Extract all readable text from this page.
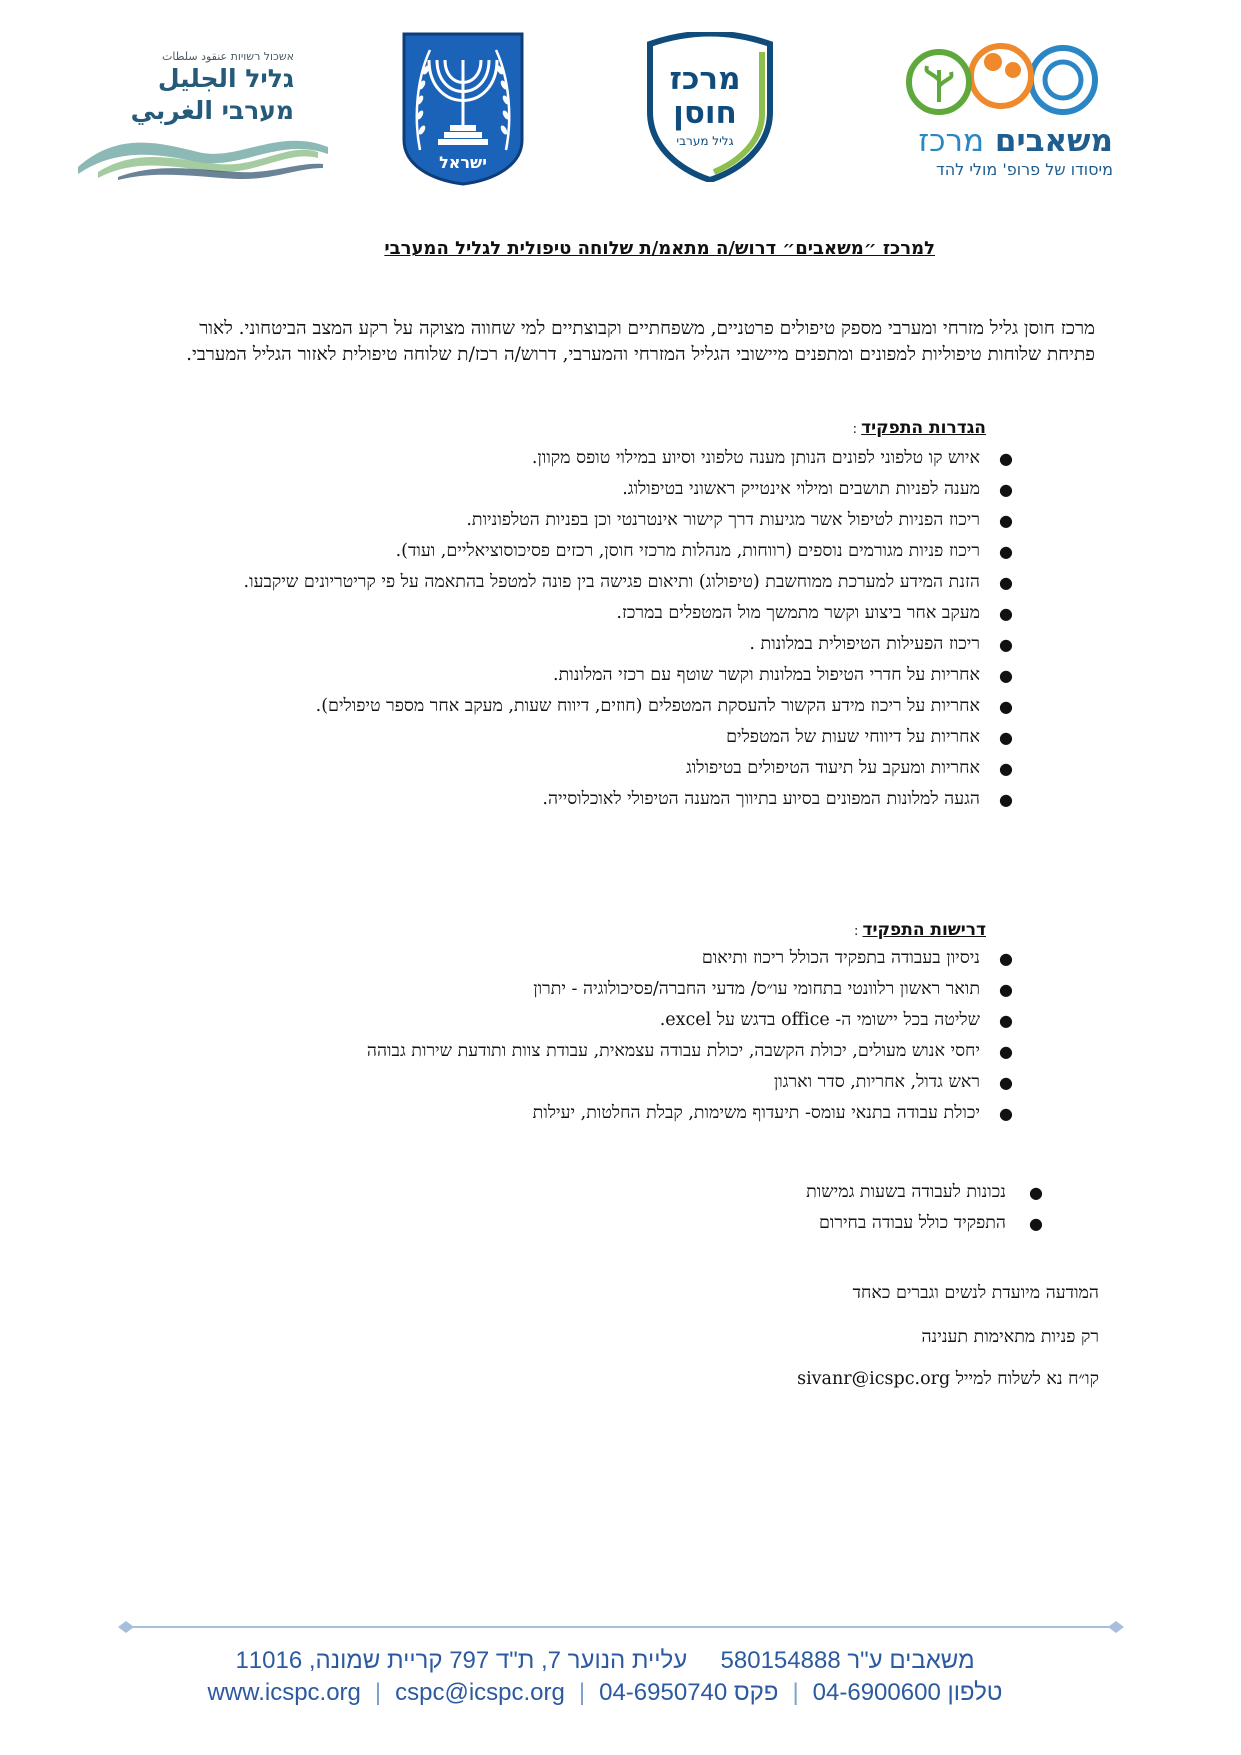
אשכול רשויות عنقود سلطات
גליל الجليل
מערבי الغربي
ישראל
מרכז
חוסן
גליל מערבי	משאבים מרכז
מיסודו של פרופ' מולי להד
למרכז ״משאבים״ דרוש/ה מתאמ/ת שלוחה טיפולית לגליל המערבי
מרכז חוסן גליל מזרחי ומערבי מספק טיפולים פרטניים, משפחתיים וקבוצתיים למי שחווה מצוקה על רקע המצב הביטחוני. לאור פתיחת שלוחות טיפוליות למפונים ומתפנים מיישובי הגליל המזרחי והמערבי, דרוש/ה רכז/ת שלוחה טיפולית לאזור הגליל המערבי.
הגדרות התפקיד :
●
איוש קו טלפוני לפונים הנותן מענה טלפוני וסיוע במילוי טופס מקוון.
●
מענה לפניות תושבים ומילוי אינטייק ראשוני בטיפולוג.
●
ריכוז הפניות לטיפול אשר מגיעות דרך קישור אינטרנטי וכן בפניות הטלפוניות.
●
ריכוז פניות מגורמים נוספים (רווחות, מנהלות מרכזי חוסן, רכזים פסיכוסוציאליים, ועוד).
●
הזנת המידע למערכת ממוחשבת (טיפולוג) ותיאום פגישה בין פונה למטפל בהתאמה על פי קריטריונים שיקבעו.
●
מעקב אחר ביצוע וקשר מתמשך מול המטפלים במרכז.
●
ריכוז הפעילות הטיפולית במלונות .
●
אחריות על חדרי הטיפול במלונות וקשר שוטף עם רכזי המלונות.
●
אחריות על ריכוז מידע הקשור להעסקת המטפלים (חוזים, דיווח שעות, מעקב אחר מספר טיפולים).
●
אחריות על דיווחי שעות של המטפלים
●
אחריות ומעקב על תיעוד הטיפולים בטיפולוג
●
הגעה למלונות המפונים בסיוע בתיווך המענה הטיפולי לאוכלוסייה.
דרישות התפקיד :
●
ניסיון בעבודה בתפקיד הכולל ריכוז ותיאום
●
תואר ראשון רלוונטי בתחומי עו״ס/ מדעי החברה/פסיכולוגיה - יתרון
●
שליטה בכל יישומי ה- office בדגש על excel.
●
יחסי אנוש מעולים, יכולת הקשבה, יכולת עבודה עצמאית, עבודת צוות ותודעת שירות גבוהה
●
ראש גדול, אחריות, סדר וארגון
●
יכולת עבודה בתנאי עומס- תיעדוף משימות, קבלת החלטות, יעילות
●
נכונות לעבודה בשעות גמישות
●
התפקיד כולל עבודה בחירום
המודעה מיועדת לנשים וגברים כאחד
רק פניות מתאימות תענינה
קו״ח נא לשלוח למייל sivanr@icspc.org
משאבים ע"ר 580154888     עליית הנוער 7, ת"ד 797 קריית שמונה, 11016
www.icspc.org | cspc@icspc.org | פקס 04-6950740 | טלפון 04-6900600
